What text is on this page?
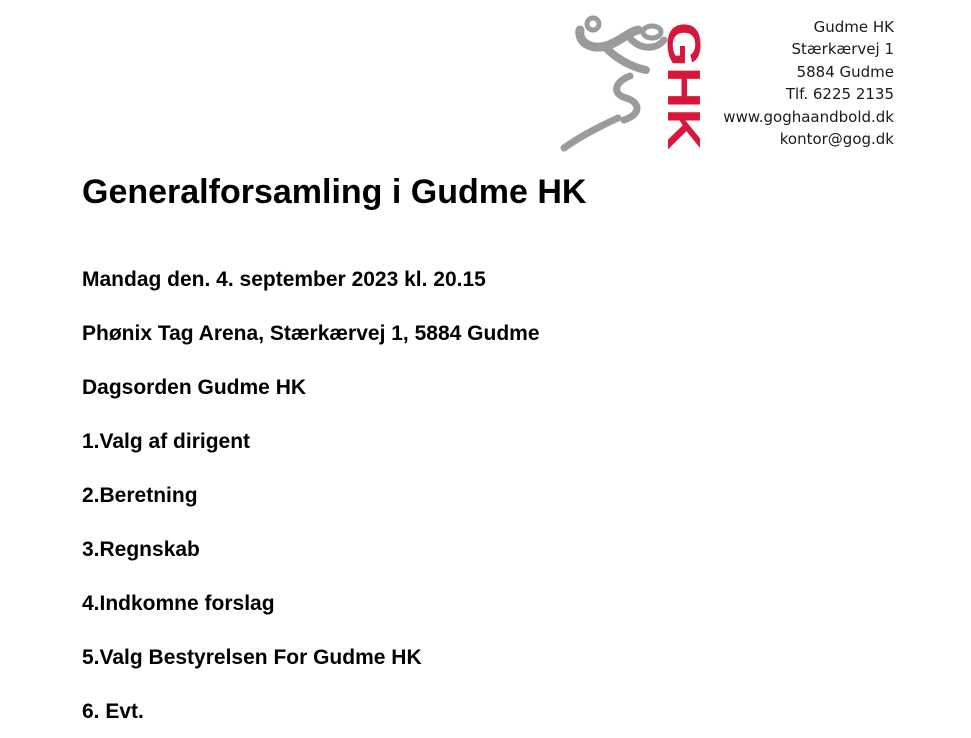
GHK	Gudme HK
Stærkærvej 1
5884 Gudme
Tlf. 6225 2135
www.goghaandbold.dk
kontor@gog.dk
Generalforsamling i Gudme HK

Mandag den. 4. september 2023 kl. 20.15

Phønix Tag Arena, Stærkærvej 1, 5884 Gudme

Dagsorden Gudme HK

1.Valg af dirigent

2.Beretning

3.Regnskab

4.Indkomne forslag

5.Valg Bestyrelsen For Gudme HK

6. Evt.
